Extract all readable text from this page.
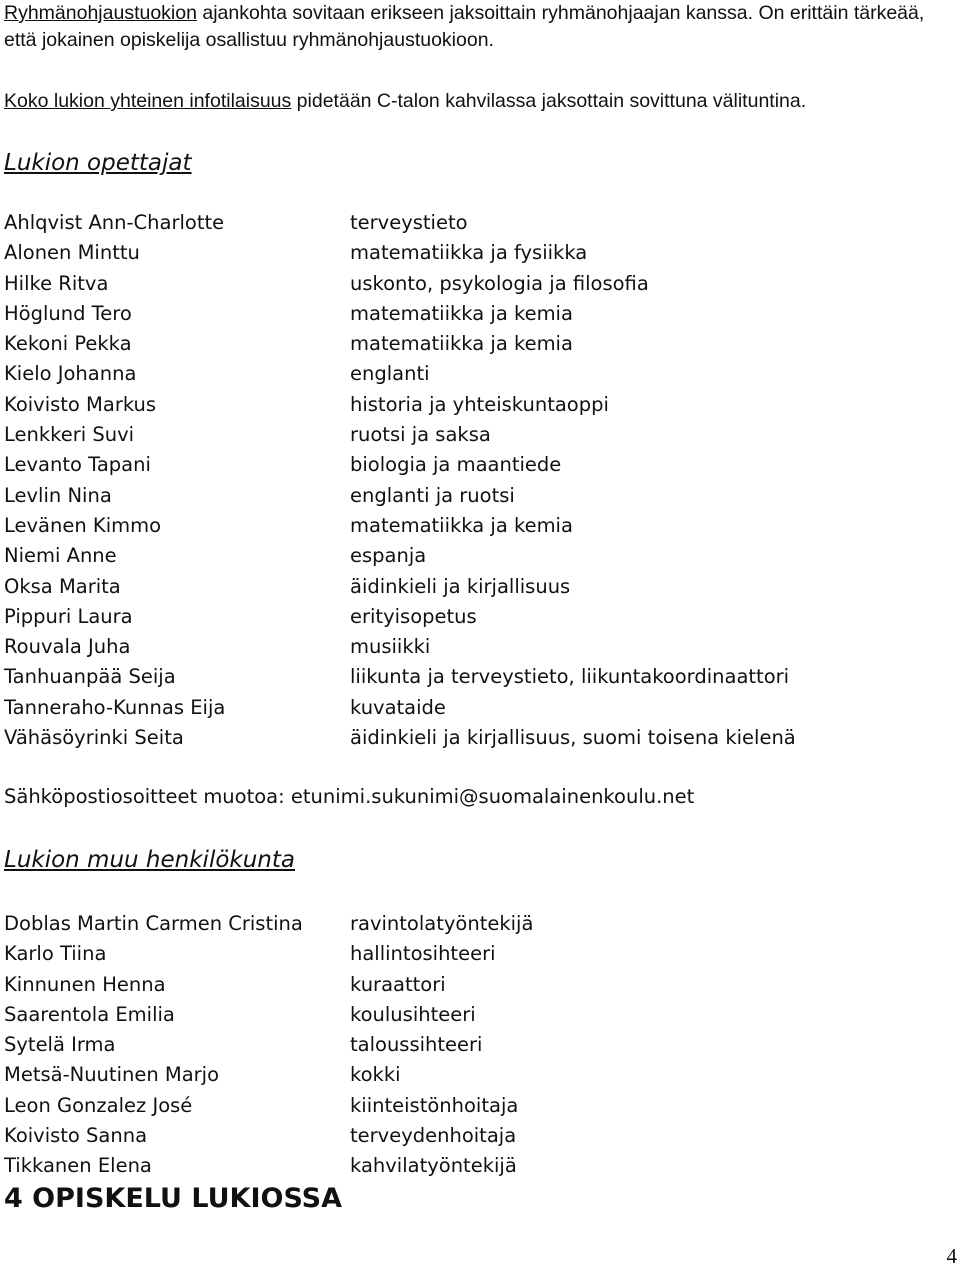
Ryhmänohjaustuokion ajankohta sovitaan erikseen jaksoittain ryhmänohjaajan kanssa. On erittäin tärkeää, että jokainen opiskelija osallistuu ryhmänohjaustuokioon.

Koko lukion yhteinen infotilaisuus pidetään C-talon kahvilassa jaksottain sovittuna välituntina.

Lukion opettajat
Ahlqvist Ann-Charlotte	terveystieto
Alonen Minttu	matematiikka ja fysiikka
Hilke Ritva	uskonto, psykologia ja filosofia
Höglund Tero	matematiikka ja kemia
Kekoni Pekka	matematiikka ja kemia
Kielo Johanna	englanti
Koivisto Markus	historia ja yhteiskuntaoppi
Lenkkeri Suvi	ruotsi ja saksa
Levanto Tapani	biologia ja maantiede
Levlin Nina	englanti ja ruotsi
Levänen Kimmo	matematiikka ja kemia
Niemi Anne	espanja
Oksa Marita	äidinkieli ja kirjallisuus
Pippuri Laura	erityisopetus
Rouvala Juha	musiikki
Tanhuanpää Seija	liikunta ja terveystieto, liikuntakoordinaattori
Tanneraho-Kunnas Eija	kuvataide
Vähäsöyrinki Seita	äidinkieli ja kirjallisuus, suomi toisena kielenä

Sähköpostiosoitteet muotoa: etunimi.sukunimi@suomalainenkoulu.net

Lukion muu henkilökunta
Doblas Martin Carmen Cristina	ravintolatyöntekijä
Karlo Tiina	hallintosihteeri
Kinnunen Henna	kuraattori
Saarentola Emilia	koulusihteeri
Sytelä Irma	taloussihteeri
Metsä-Nuutinen Marjo	kokki
Leon Gonzalez José	kiinteistönhoitaja
Koivisto Sanna	terveydenhoitaja
Tikkanen Elena	kahvilatyöntekijä
4 OPISKELU LUKIOSSA

4
